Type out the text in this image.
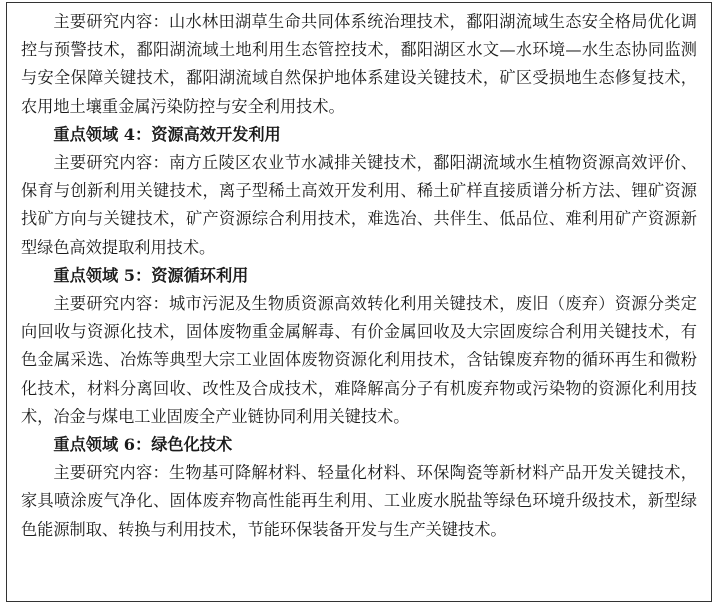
主要研究内容：山水林田湖草生命共同体系统治理技术，鄱阳湖流域生态安全格局优化调控与预警技术，鄱阳湖流域土地利用生态管控技术，鄱阳湖区水文—水环境—水生态协同监测与安全保障关键技术，鄱阳湖流域自然保护地体系建设关键技术，矿区受损地生态修复技术，农用地土壤重金属污染防控与安全利用技术。

重点领域 4：资源高效开发利用

主要研究内容：南方丘陵区农业节水减排关键技术，鄱阳湖流域水生植物资源高效评价、保育与创新利用关键技术，离子型稀土高效开发利用、稀土矿样直接质谱分析方法、锂矿资源找矿方向与关键技术，矿产资源综合利用技术，难选冶、共伴生、低品位、难利用矿产资源新型绿色高效提取利用技术。

重点领域 5：资源循环利用

主要研究内容：城市污泥及生物质资源高效转化利用关键技术，废旧（废弃）资源分类定向回收与资源化技术，固体废物重金属解毒、有价金属回收及大宗固废综合利用关键技术，有色金属采选、冶炼等典型大宗工业固体废物资源化利用技术，含钴镍废弃物的循环再生和微粉化技术，材料分离回收、改性及合成技术，难降解高分子有机废弃物或污染物的资源化利用技术，冶金与煤电工业固废全产业链协同利用关键技术。

重点领域 6：绿色化技术

主要研究内容：生物基可降解材料、轻量化材料、环保陶瓷等新材料产品开发关键技术，家具喷涂废气净化、固体废弃物高性能再生利用、工业废水脱盐等绿色环境升级技术，新型绿色能源制取、转换与利用技术，节能环保装备开发与生产关键技术。
